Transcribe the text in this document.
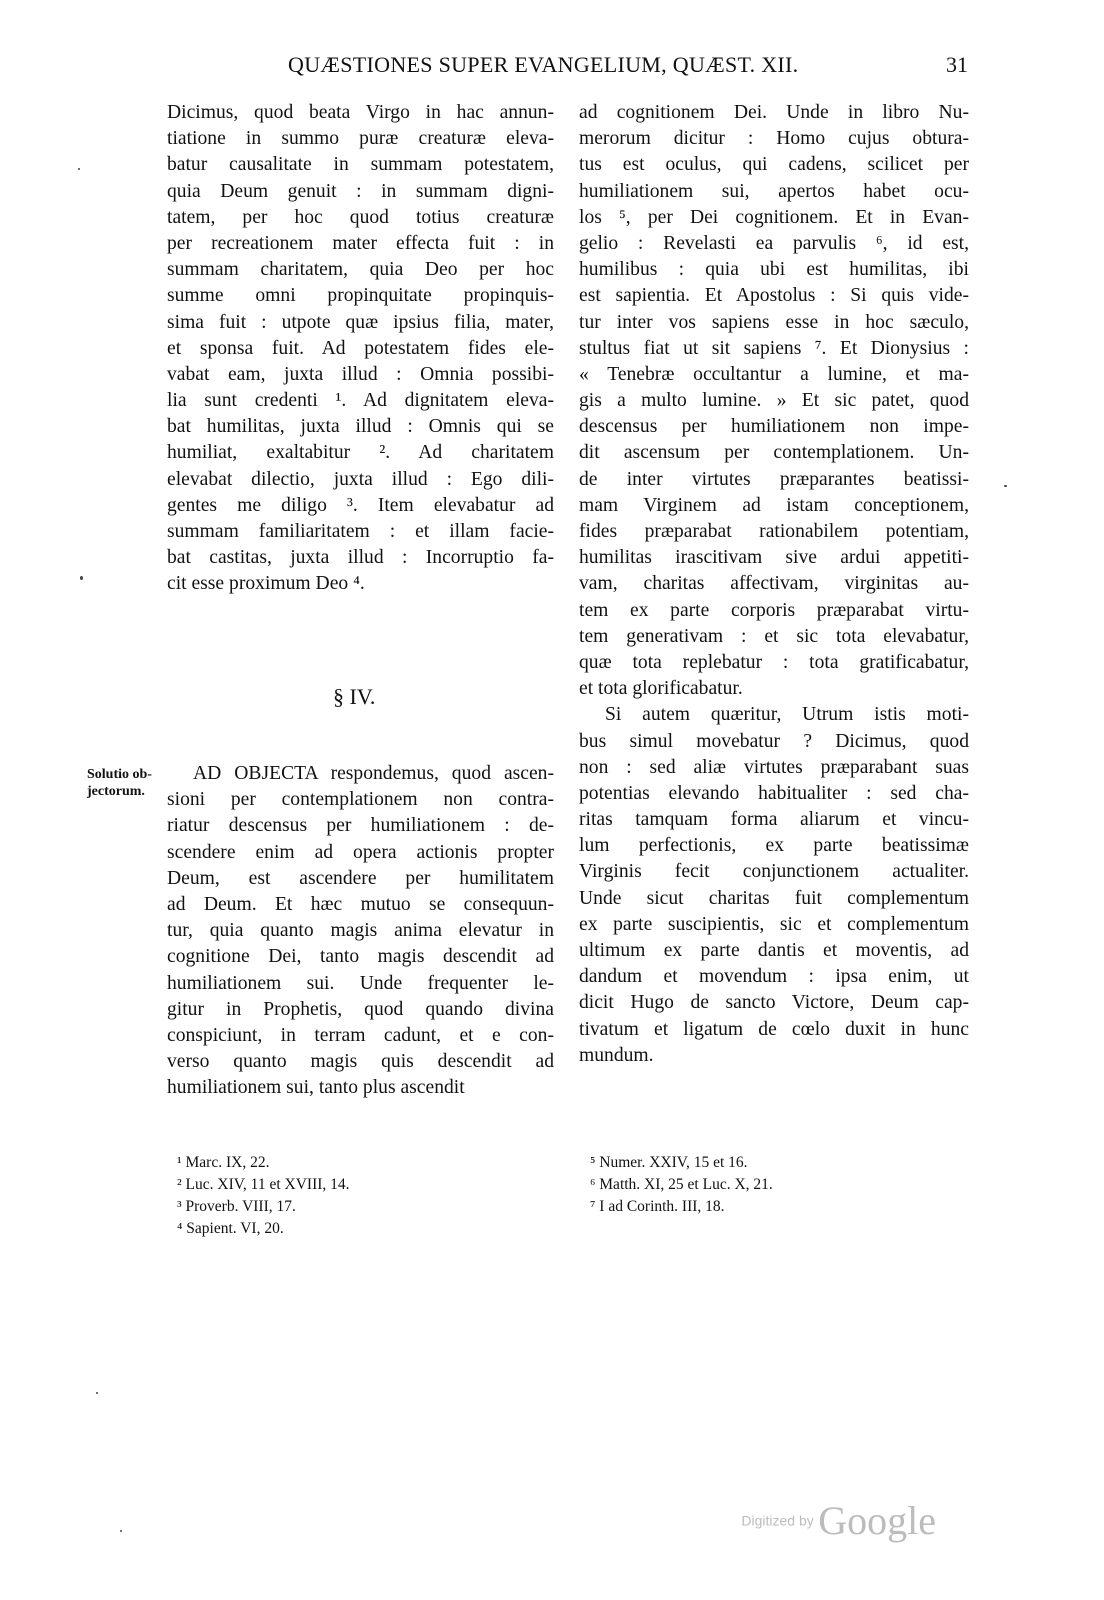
QUÆSTIONES SUPER EVANGELIUM, QUÆST. XII.	31
Dicimus, quod beata Virgo in hac annun-
tiatione in summo puræ creaturæ eleva-
batur causalitate in summam potestatem,
quia Deum genuit : in summam digni-
tatem, per hoc quod totius creaturæ
per recreationem mater effecta fuit : in
summam charitatem, quia Deo per hoc
summe omni propinquitate propinquis-
sima fuit : utpote quæ ipsius filia, mater,
et sponsa fuit. Ad potestatem fides ele-
vabat eam, juxta illud : Omnia possibi-
lia sunt credenti ¹. Ad dignitatem eleva-
bat humilitas, juxta illud : Omnis qui se
humiliat, exaltabitur ². Ad charitatem
elevabat dilectio, juxta illud : Ego dili-
gentes me diligo ³. Item elevabatur ad
summam familiaritatem : et illam facie-
bat castitas, juxta illud : Incorruptio fa-
cit esse proximum Deo ⁴.
§ IV.
Solutio ob-
jectorum.
AD OBJECTA respondemus, quod ascen-
sioni per contemplationem non contra-
riatur descensus per humiliationem : de-
scendere enim ad opera actionis propter
Deum, est ascendere per humilitatem
ad Deum. Et hæc mutuo se consequun-
tur, quia quanto magis anima elevatur in
cognitione Dei, tanto magis descendit ad
humiliationem sui. Unde frequenter le-
gitur in Prophetis, quod quando divina
conspiciunt, in terram cadunt, et e con-
verso quanto magis quis descendit ad
humiliationem sui, tanto plus ascendit
ad cognitionem Dei. Unde in libro Nu-
merorum dicitur : Homo cujus obtura-
tus est oculus, qui cadens, scilicet per
humiliationem sui, apertos habet ocu-
los ⁵, per Dei cognitionem. Et in Evan-
gelio : Revelasti ea parvulis ⁶, id est,
humilibus : quia ubi est humilitas, ibi
est sapientia. Et Apostolus : Si quis vide-
tur inter vos sapiens esse in hoc sæculo,
stultus fiat ut sit sapiens ⁷. Et Dionysius :
« Tenebræ occultantur a lumine, et ma-
gis a multo lumine. » Et sic patet, quod
descensus per humiliationem non impe-
dit ascensum per contemplationem. Un-
de inter virtutes præparantes beatissi-
mam Virginem ad istam conceptionem,
fides præparabat rationabilem potentiam,
humilitas irascitivam sive ardui appetiti-
vam, charitas affectivam, virginitas au-
tem ex parte corporis præparabat virtu-
tem generativam : et sic tota elevabatur,
quæ tota replebatur : tota gratificabatur,
et tota glorificabatur.
Si autem quæritur, Utrum istis moti-
bus simul movebatur ? Dicimus, quod
non : sed aliæ virtutes præparabant suas
potentias elevando habitualiter : sed cha-
ritas tamquam forma aliarum et vincu-
lum perfectionis, ex parte beatissimæ
Virginis fecit conjunctionem actualiter.
Unde sicut charitas fuit complementum
ex parte suscipientis, sic et complementum
ultimum ex parte dantis et moventis, ad
dandum et movendum : ipsa enim, ut
dicit Hugo de sancto Victore, Deum cap-
tivatum et ligatum de cœlo duxit in hunc
mundum.
¹ Marc. IX, 22.
² Luc. XIV, 11 et XVIII, 14.
³ Proverb. VIII, 17.
⁴ Sapient. VI, 20.
⁵ Numer. XXIV, 15 et 16.
⁶ Matth. XI, 25 et Luc. X, 21.
⁷ I ad Corinth. III, 18.
Digitized by Google
